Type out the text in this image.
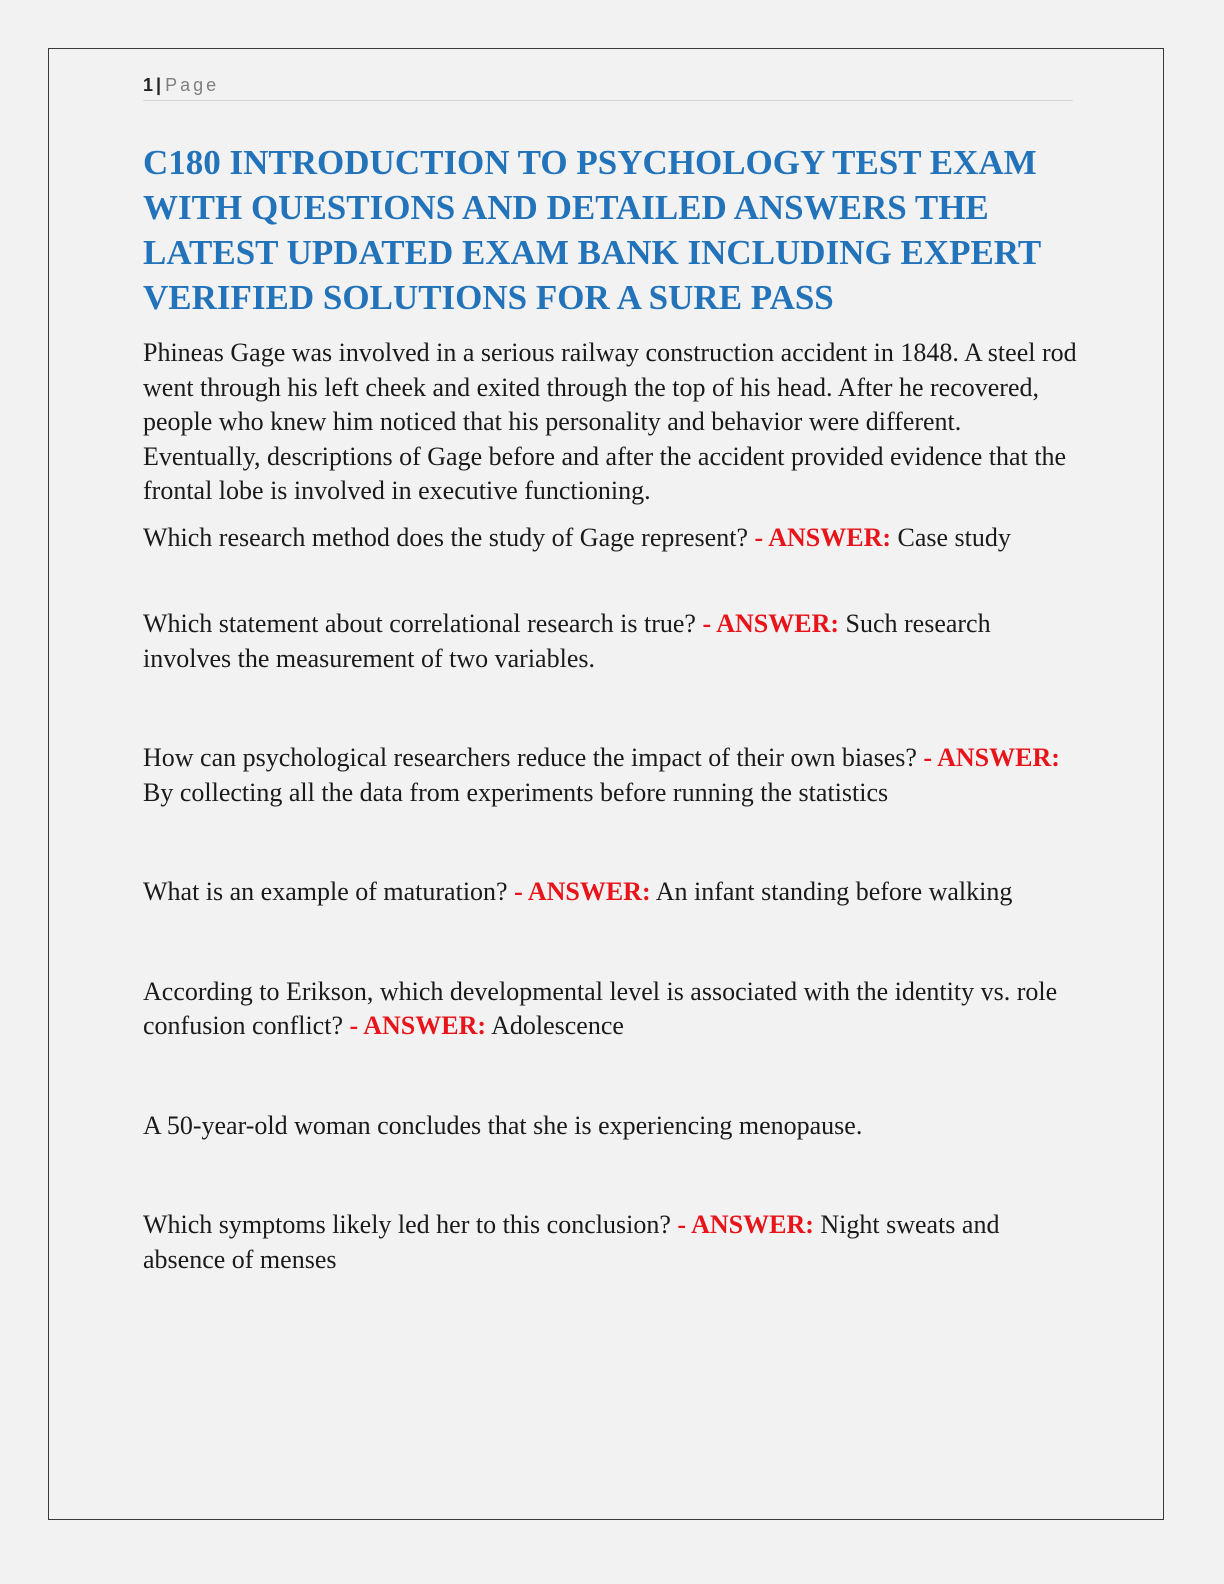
1 | Page
C180 INTRODUCTION TO PSYCHOLOGY TEST EXAM WITH QUESTIONS AND DETAILED ANSWERS THE LATEST UPDATED EXAM BANK INCLUDING EXPERT VERIFIED SOLUTIONS FOR A SURE PASS

Phineas Gage was involved in a serious railway construction accident in 1848. A steel rod went through his left cheek and exited through the top of his head. After he recovered, people who knew him noticed that his personality and behavior were different. Eventually, descriptions of Gage before and after the accident provided evidence that the frontal lobe is involved in executive functioning.

Which research method does the study of Gage represent? - ANSWER: Case study

Which statement about correlational research is true? - ANSWER: Such research involves the measurement of two variables.

How can psychological researchers reduce the impact of their own biases? - ANSWER: By collecting all the data from experiments before running the statistics

What is an example of maturation? - ANSWER: An infant standing before walking

According to Erikson, which developmental level is associated with the identity vs. role confusion conflict? - ANSWER: Adolescence

A 50-year-old woman concludes that she is experiencing menopause.

Which symptoms likely led her to this conclusion? - ANSWER: Night sweats and absence of menses
